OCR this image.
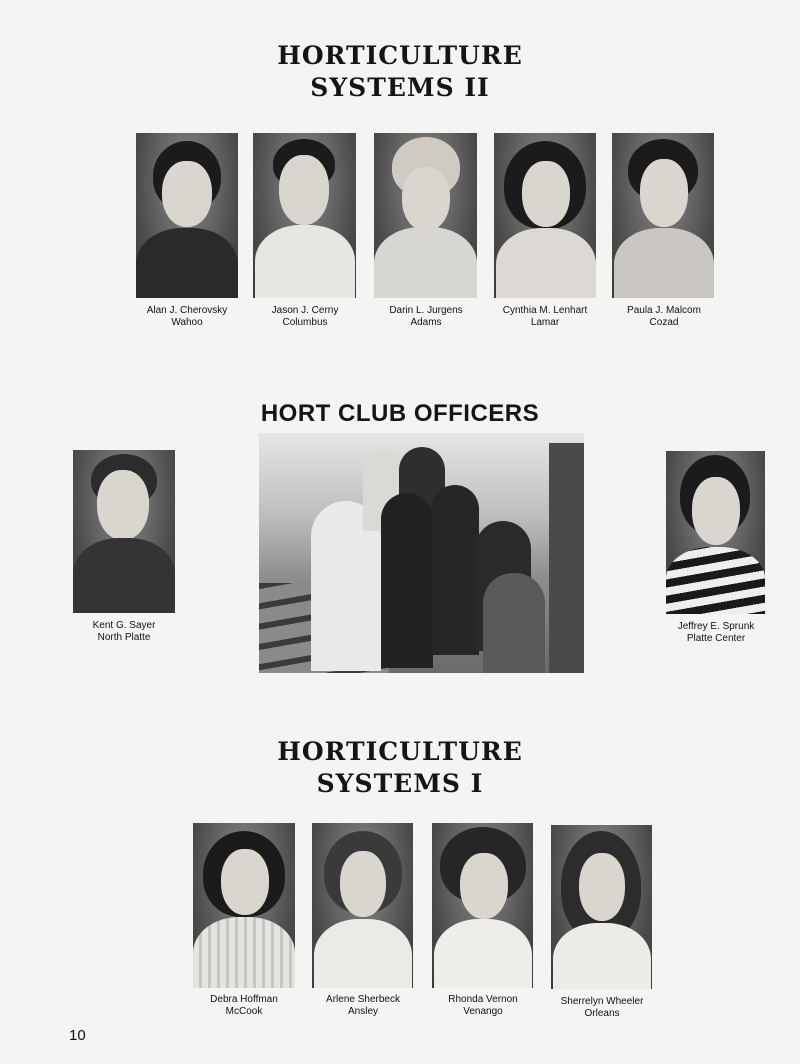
HORTICULTURE
SYSTEMS II
Alan J. Cherovsky
Wahoo
Jason J. Cerny
Columbus
Darin L. Jurgens
Adams
Cynthia M. Lenhart
Lamar
Paula J. Malcom
Cozad
HORT CLUB OFFICERS
Kent G. Sayer
North Platte
Jeffrey E. Sprunk
Platte Center
HORTICULTURE
SYSTEMS I
Debra Hoffman
McCook
Arlene Sherbeck
Ansley
Rhonda Vernon
Venango
Sherrelyn Wheeler
Orleans
10
